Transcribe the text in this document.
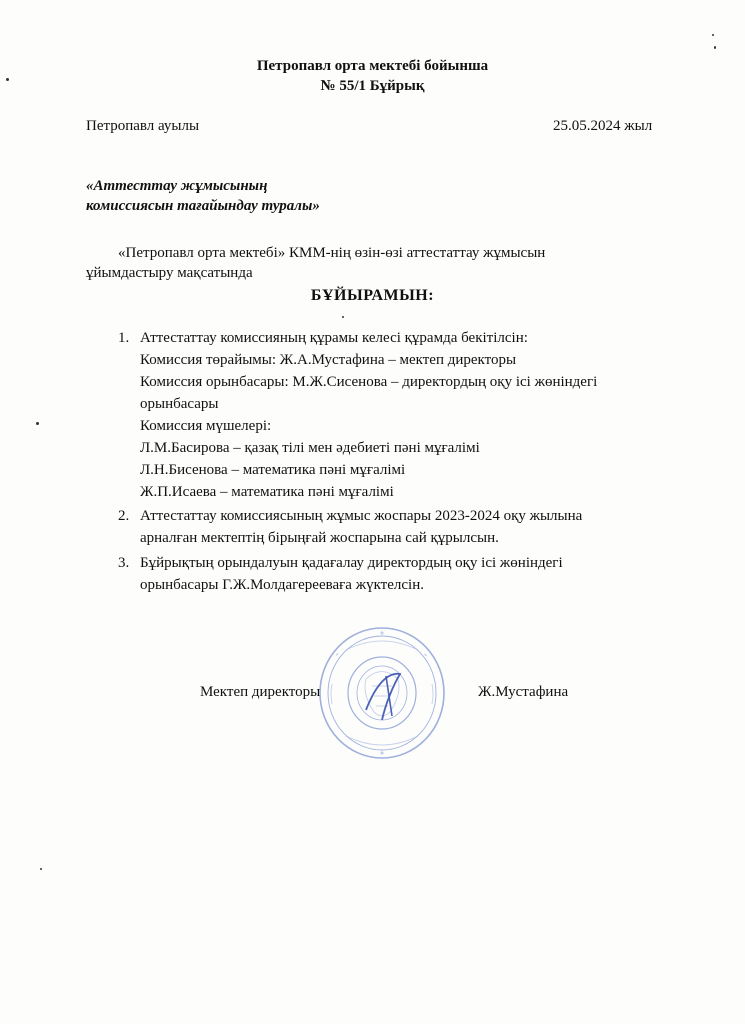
Петропавл орта мектебі бойынша
№ 55/1 Бұйрық
Петропавл ауылы	25.05.2024 жыл
«Аттесттау жұмысының
комиссиясын тағайындау туралы»
«Петропавл орта мектебі» КММ-нің өзін-өзі аттестаттау жұмысын
ұйымдастыру мақсатында
БҰЙЫРАМЫН:
1. Аттестаттау комиссияның құрамы келесі құрамда бекітілсін:
Комиссия төрайымы: Ж.А.Мустафина – мектеп директоры
Комиссия орынбасары: М.Ж.Сисенова – директордың оқу ісі жөніндегі
орынбасары
Комиссия мүшелері:
Л.М.Басирова – қазақ тілі мен әдебиеті пәні мұғалімі
Л.Н.Бисенова – математика пәні мұғалімі
Ж.П.Исаева – математика пәні мұғалімі
2. Аттестаттау комиссиясының жұмыс жоспары 2023-2024 оқу жылына
арналған мектептің бірыңғай жоспарына сай құрылсын.
3. Бұйрықтың орындалуын қадағалау директордың оқу ісі жөніндегі
орынбасары Г.Ж.Молдагерееваға жүктелсін.
Мектеп директоры	Ж.Мустафина
